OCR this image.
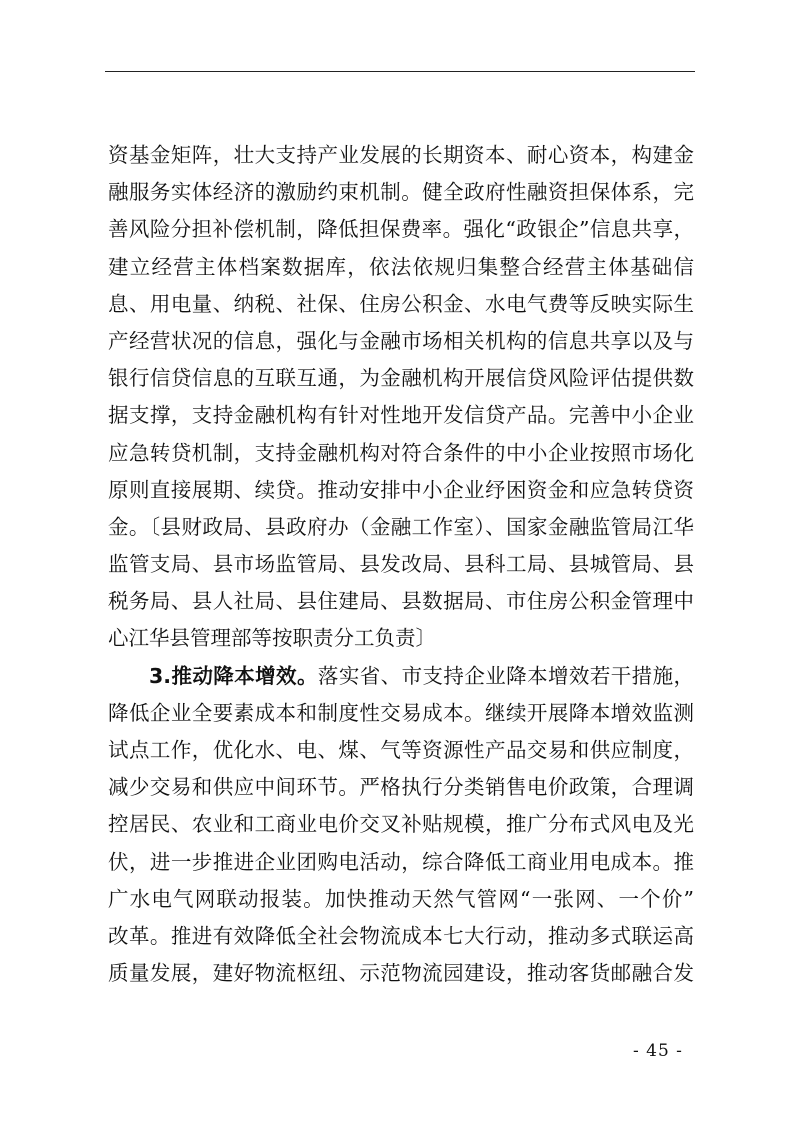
资基金矩阵，壮大支持产业发展的长期资本、耐心资本，构建金
融服务实体经济的激励约束机制。健全政府性融资担保体系，完
善风险分担补偿机制，降低担保费率。强化“政银企”信息共享，
建立经营主体档案数据库，依法依规归集整合经营主体基础信
息、用电量、纳税、社保、住房公积金、水电气费等反映实际生
产经营状况的信息，强化与金融市场相关机构的信息共享以及与
银行信贷信息的互联互通，为金融机构开展信贷风险评估提供数
据支撑，支持金融机构有针对性地开发信贷产品。完善中小企业
应急转贷机制，支持金融机构对符合条件的中小企业按照市场化
原则直接展期、续贷。推动安排中小企业纾困资金和应急转贷资
金。〔县财政局、县政府办（金融工作室）、国家金融监管局江华
监管支局、县市场监管局、县发改局、县科工局、县城管局、县
税务局、县人社局、县住建局、县数据局、市住房公积金管理中
心江华县管理部等按职责分工负责〕
3.推动降本增效。落实省、市支持企业降本增效若干措施，
降低企业全要素成本和制度性交易成本。继续开展降本增效监测
试点工作，优化水、电、煤、气等资源性产品交易和供应制度，
减少交易和供应中间环节。严格执行分类销售电价政策，合理调
控居民、农业和工商业电价交叉补贴规模，推广分布式风电及光
伏，进一步推进企业团购电活动，综合降低工商业用电成本。推
广水电气网联动报装。加快推动天然气管网“一张网、一个价”
改革。推进有效降低全社会物流成本七大行动，推动多式联运高
质量发展，建好物流枢纽、示范物流园建设，推动客货邮融合发
- 45 -
